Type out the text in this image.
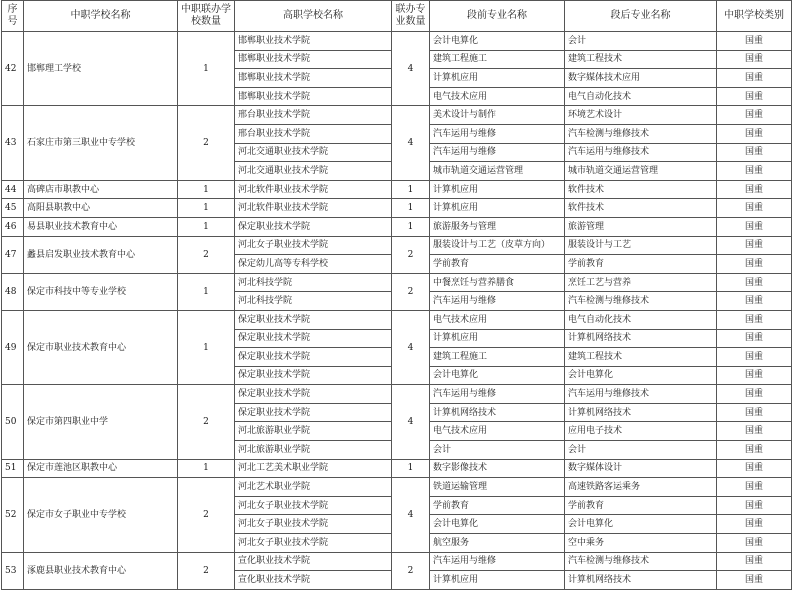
序号	中职学校名称	中职联办学校数量	高职学校名称	联办专业数量	段前专业名称	段后专业名称	中职学校类别
42	邯郸理工学校	1	邯郸职业技术学院	4	会计电算化	会计	国重
			邯郸职业技术学院		建筑工程施工	建筑工程技术	国重
			邯郸职业技术学院		计算机应用	数字媒体技术应用	国重
			邯郸职业技术学院		电气技术应用	电气自动化技术	国重
43	石家庄市第三职业中专学校	2	邢台职业技术学院	4	美术设计与制作	环境艺术设计	国重
			邢台职业技术学院		汽车运用与维修	汽车检测与维修技术	国重
			河北交通职业技术学院		汽车运用与维修	汽车运用与维修技术	国重
			河北交通职业技术学院		城市轨道交通运营管理	城市轨道交通运营管理	国重
44	高碑店市职教中心	1	河北软件职业技术学院	1	计算机应用	软件技术	国重
45	高阳县职教中心	1	河北软件职业技术学院	1	计算机应用	软件技术	国重
46	易县职业技术教育中心	1	保定职业技术学院	1	旅游服务与管理	旅游管理	国重
47	蠡县启发职业技术教育中心	2	河北女子职业技术学院	2	服装设计与工艺（皮草方向）	服装设计与工艺	国重
			保定幼儿高等专科学校		学前教育	学前教育	国重
48	保定市科技中等专业学校	1	河北科技学院	2	中餐烹饪与营养膳食	烹饪工艺与营养	国重
			河北科技学院		汽车运用与维修	汽车检测与维修技术	国重
49	保定市职业技术教育中心	1	保定职业技术学院	4	电气技术应用	电气自动化技术	国重
			保定职业技术学院		计算机应用	计算机网络技术	国重
			保定职业技术学院		建筑工程施工	建筑工程技术	国重
			保定职业技术学院		会计电算化	会计电算化	国重
50	保定市第四职业中学	2	保定职业技术学院	4	汽车运用与维修	汽车运用与维修技术	国重
			保定职业技术学院		计算机网络技术	计算机网络技术	国重
			河北旅游职业学院		电气技术应用	应用电子技术	国重
			河北旅游职业学院		会计	会计	国重
51	保定市莲池区职教中心	1	河北工艺美术职业学院	1	数字影像技术	数字媒体设计	国重
52	保定市女子职业中专学校	2	河北艺术职业学院	4	铁道运输管理	高速铁路客运乘务	国重
			河北女子职业技术学院		学前教育	学前教育	国重
			河北女子职业技术学院		会计电算化	会计电算化	国重
			河北女子职业技术学院		航空服务	空中乘务	国重
53	涿鹿县职业技术教育中心	2	宣化职业技术学院	2	汽车运用与维修	汽车检测与维修技术	国重
			宣化职业技术学院		计算机应用	计算机网络技术	国重
